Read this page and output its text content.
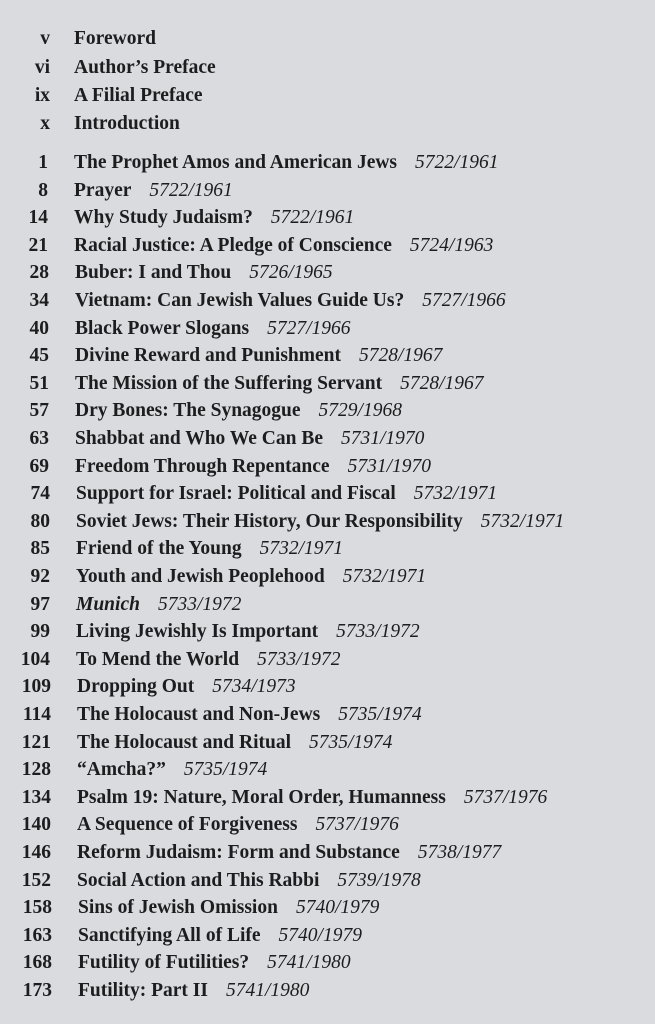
v Foreword
vi Author’s Preface
ix A Filial Preface
x Introduction
1 The Prophet Amos and American Jews 5722/1961
8 Prayer 5722/1961
14 Why Study Judaism? 5722/1961
21 Racial Justice: A Pledge of Conscience 5724/1963
28 Buber: I and Thou 5726/1965
34 Vietnam: Can Jewish Values Guide Us? 5727/1966
40 Black Power Slogans 5727/1966
45 Divine Reward and Punishment 5728/1967
51 The Mission of the Suffering Servant 5728/1967
57 Dry Bones: The Synagogue 5729/1968
63 Shabbat and Who We Can Be 5731/1970
69 Freedom Through Repentance 5731/1970
74 Support for Israel: Political and Fiscal 5732/1971
80 Soviet Jews: Their History, Our Responsibility 5732/1971
85 Friend of the Young 5732/1971
92 Youth and Jewish Peoplehood 5732/1971
97 Munich 5733/1972
99 Living Jewishly Is Important 5733/1972
104 To Mend the World 5733/1972
109 Dropping Out 5734/1973
114 The Holocaust and Non-Jews 5735/1974
121 The Holocaust and Ritual 5735/1974
128 “Amcha?” 5735/1974
134 Psalm 19: Nature, Moral Order, Humanness 5737/1976
140 A Sequence of Forgiveness 5737/1976
146 Reform Judaism: Form and Substance 5738/1977
152 Social Action and This Rabbi 5739/1978
158 Sins of Jewish Omission 5740/1979
163 Sanctifying All of Life 5740/1979
168 Futility of Futilities? 5741/1980
173 Futility: Part II 5741/1980
